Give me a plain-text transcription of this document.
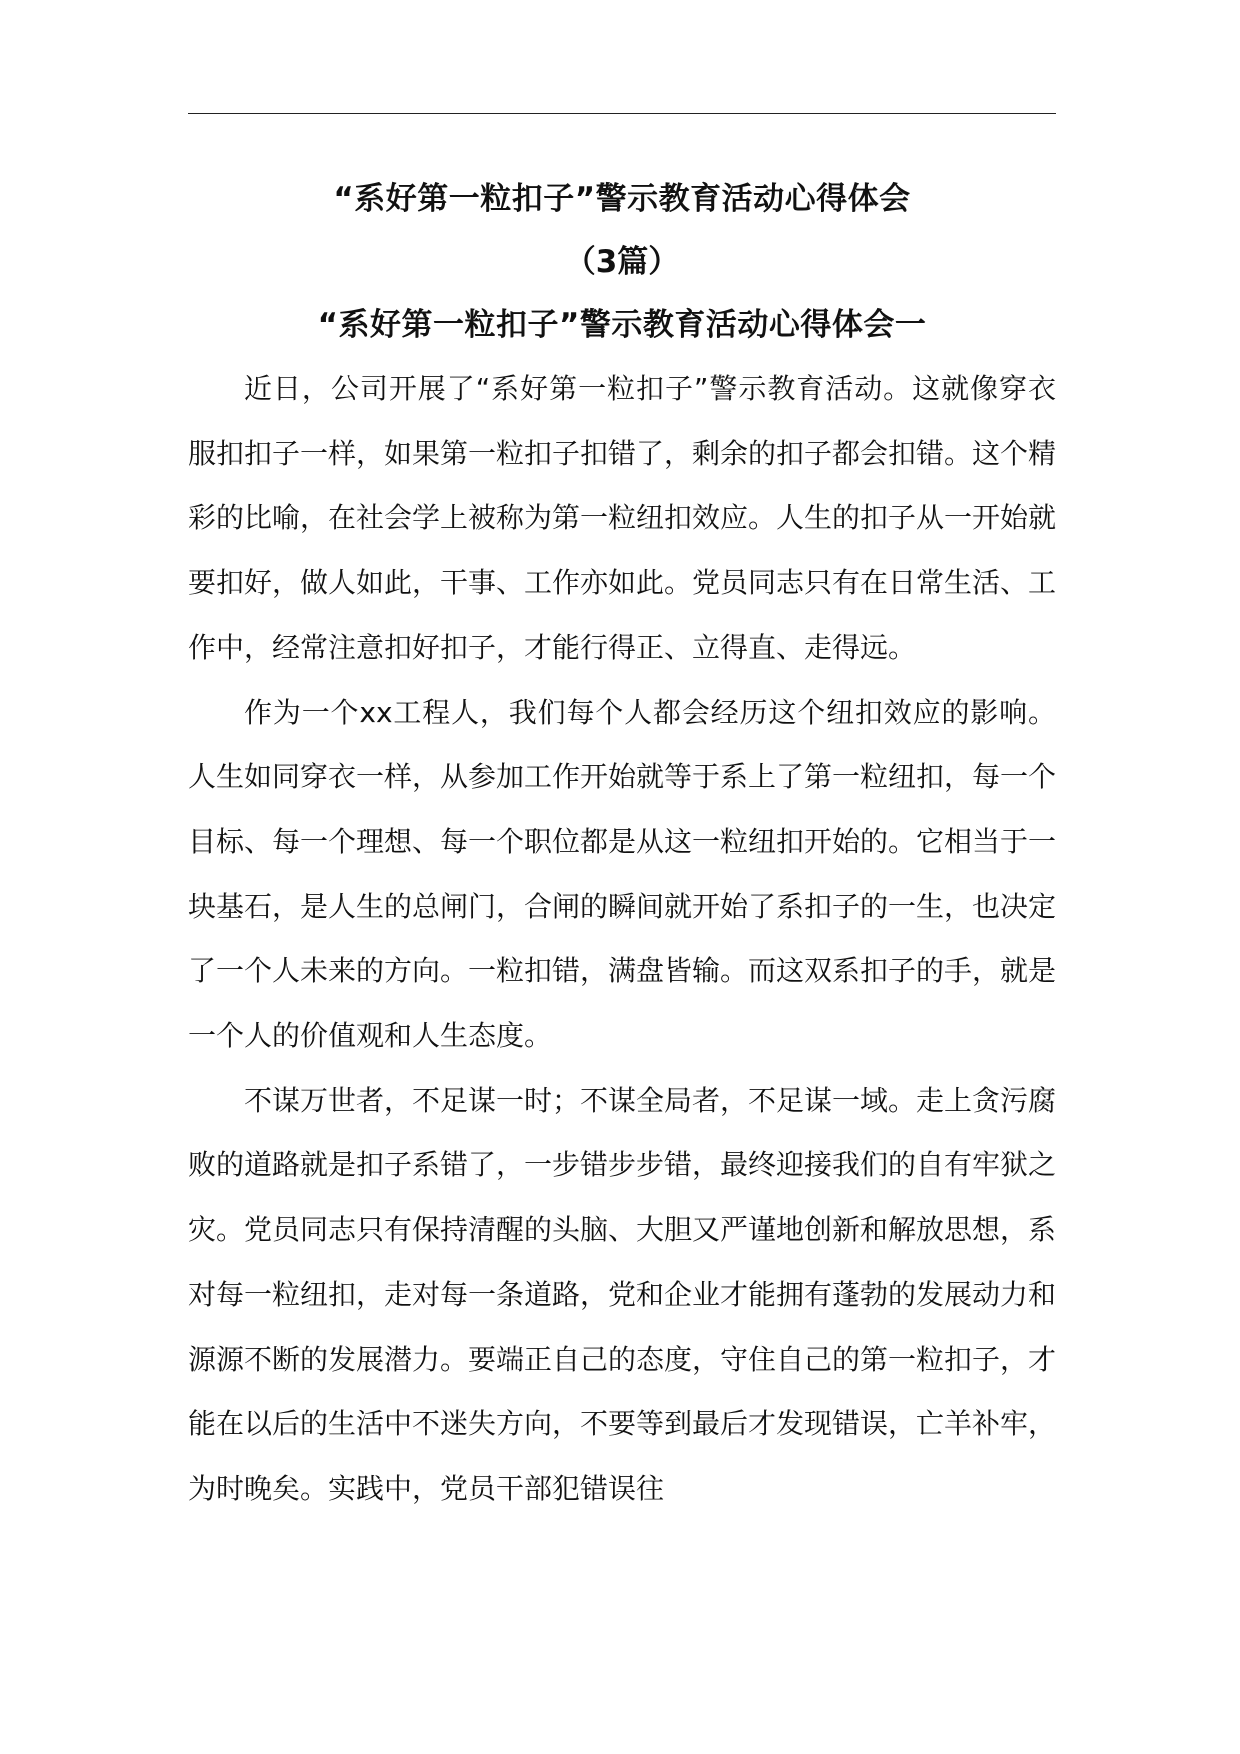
“系好第一粒扣子”警示教育活动心得体会
（3篇）
“系好第一粒扣子”警示教育活动心得体会一

近日，公司开展了“系好第一粒扣子”警示教育活动。这就像穿衣服扣扣子一样，如果第一粒扣子扣错了，剩余的扣子都会扣错。这个精彩的比喻，在社会学上被称为第一粒纽扣效应。人生的扣子从一开始就要扣好，做人如此，干事、工作亦如此。党员同志只有在日常生活、工作中，经常注意扣好扣子，才能行得正、立得直、走得远。

作为一个xx工程人，我们每个人都会经历这个纽扣效应的影响。人生如同穿衣一样，从参加工作开始就等于系上了第一粒纽扣，每一个目标、每一个理想、每一个职位都是从这一粒纽扣开始的。它相当于一块基石，是人生的总闸门，合闸的瞬间就开始了系扣子的一生，也决定了一个人未来的方向。一粒扣错，满盘皆输。而这双系扣子的手，就是一个人的价值观和人生态度。

不谋万世者，不足谋一时；不谋全局者，不足谋一域。走上贪污腐败的道路就是扣子系错了，一步错步步错，最终迎接我们的自有牢狱之灾。党员同志只有保持清醒的头脑、大胆又严谨地创新和解放思想，系对每一粒纽扣，走对每一条道路，党和企业才能拥有蓬勃的发展动力和源源不断的发展潜力。要端正自己的态度，守住自己的第一粒扣子，才能在以后的生活中不迷失方向，不要等到最后才发现错误，亡羊补牢，为时晚矣。实践中，党员干部犯错误往
